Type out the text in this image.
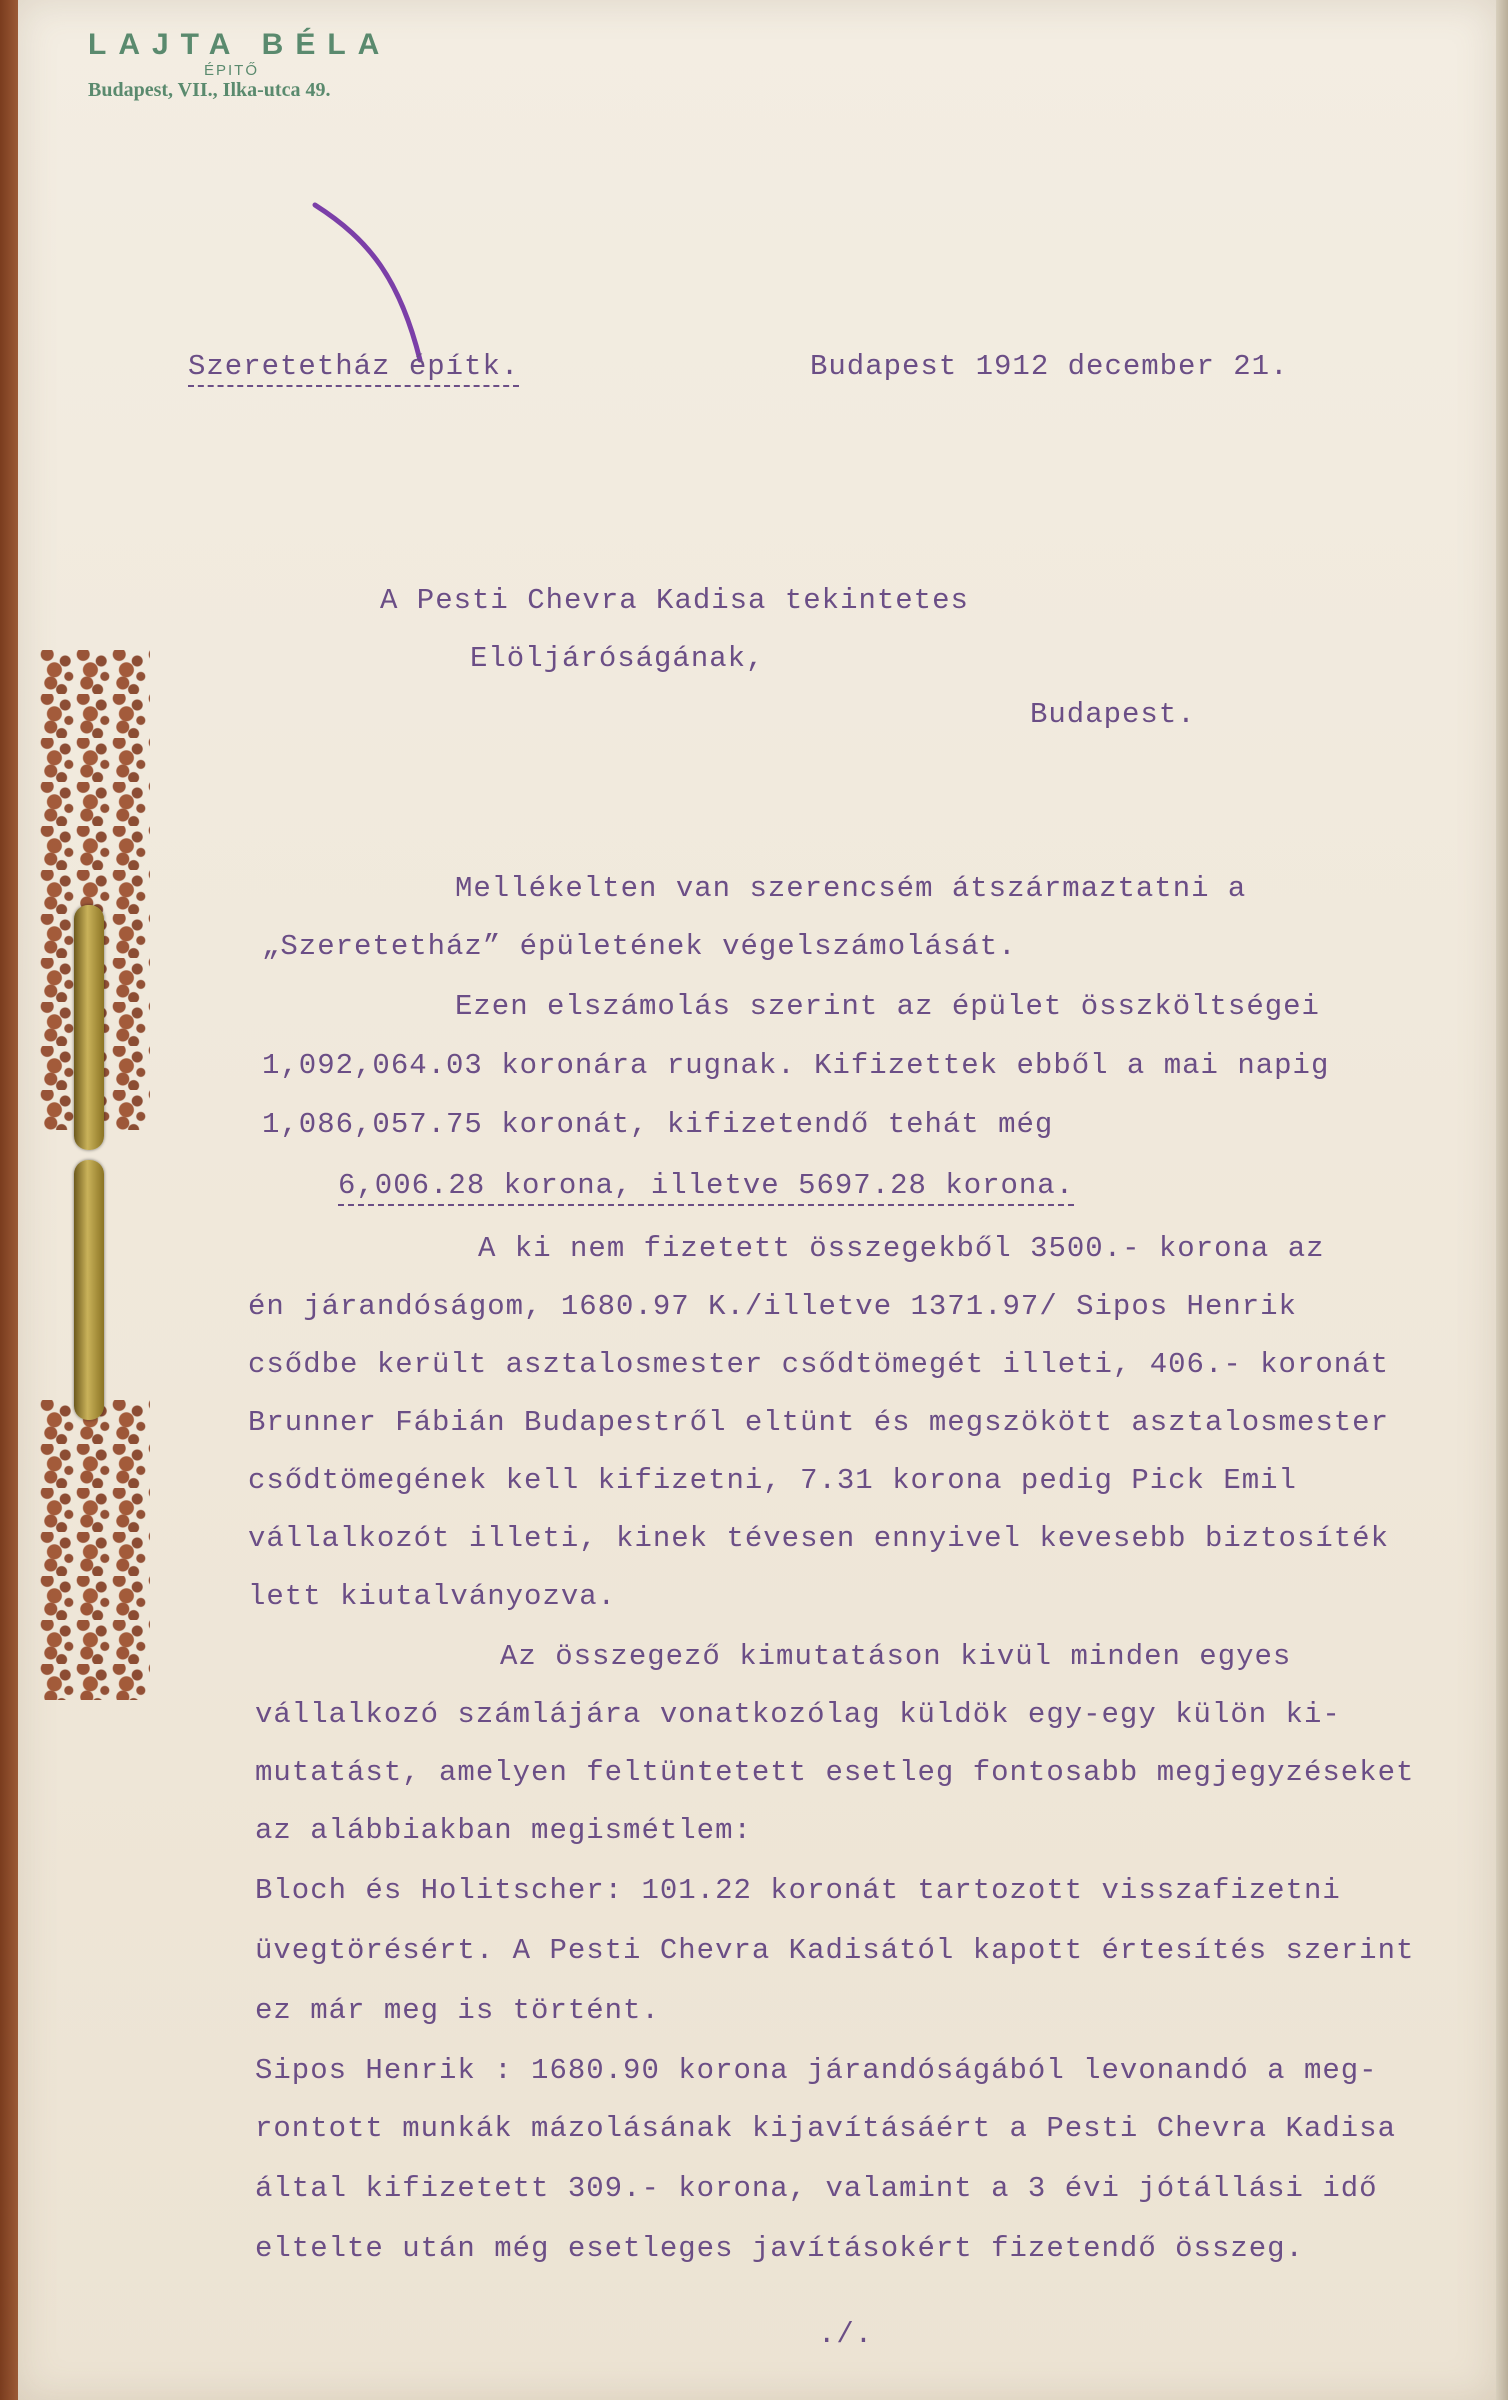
LAJTA BÉLA
ÉPITŐ
Budapest, VII., Ilka-utca 49.
Szeretetház építk.	Budapest 1912 december 21.
A Pesti Chevra Kadisa tekintetes
Elöljáróságának,
Budapest.
Mellékelten van szerencsém átszármaztatni a
„Szeretetház” épületének végelszámolását.
Ezen elszámolás szerint az épület összköltségei
1,092,064.03 koronára rugnak. Kifizettek ebből a mai napig
1,086,057.75 koronát, kifizetendő tehát még
6,006.28 korona, illetve 5697.28 korona.
A ki nem fizetett összegekből 3500.- korona az
én járandóságom, 1680.97 K./illetve 1371.97/ Sipos Henrik
csődbe került asztalosmester csődtömegét illeti, 406.- koronát
Brunner Fábián Budapestről eltünt és megszökött asztalosmester
csődtömegének kell kifizetni, 7.31 korona pedig Pick Emil
vállalkozót illeti, kinek tévesen ennyivel kevesebb biztosíték
lett kiutalványozva.
Az összegező kimutatáson kivül minden egyes
vállalkozó számlájára vonatkozólag küldök egy-egy külön ki-
mutatást, amelyen feltüntetett esetleg fontosabb megjegyzéseket
az alábbiakban megismétlem:
Bloch és Holitscher: 101.22 koronát tartozott visszafizetni
üvegtörésért. A Pesti Chevra Kadisától kapott értesítés szerint
ez már meg is történt.
Sipos Henrik : 1680.90 korona járandóságából levonandó a meg-
rontott munkák mázolásának kijavításáért a Pesti Chevra Kadisa
által kifizetett 309.- korona, valamint a 3 évi jótállási idő
eltelte után még esetleges javításokért fizetendő összeg.
./.
